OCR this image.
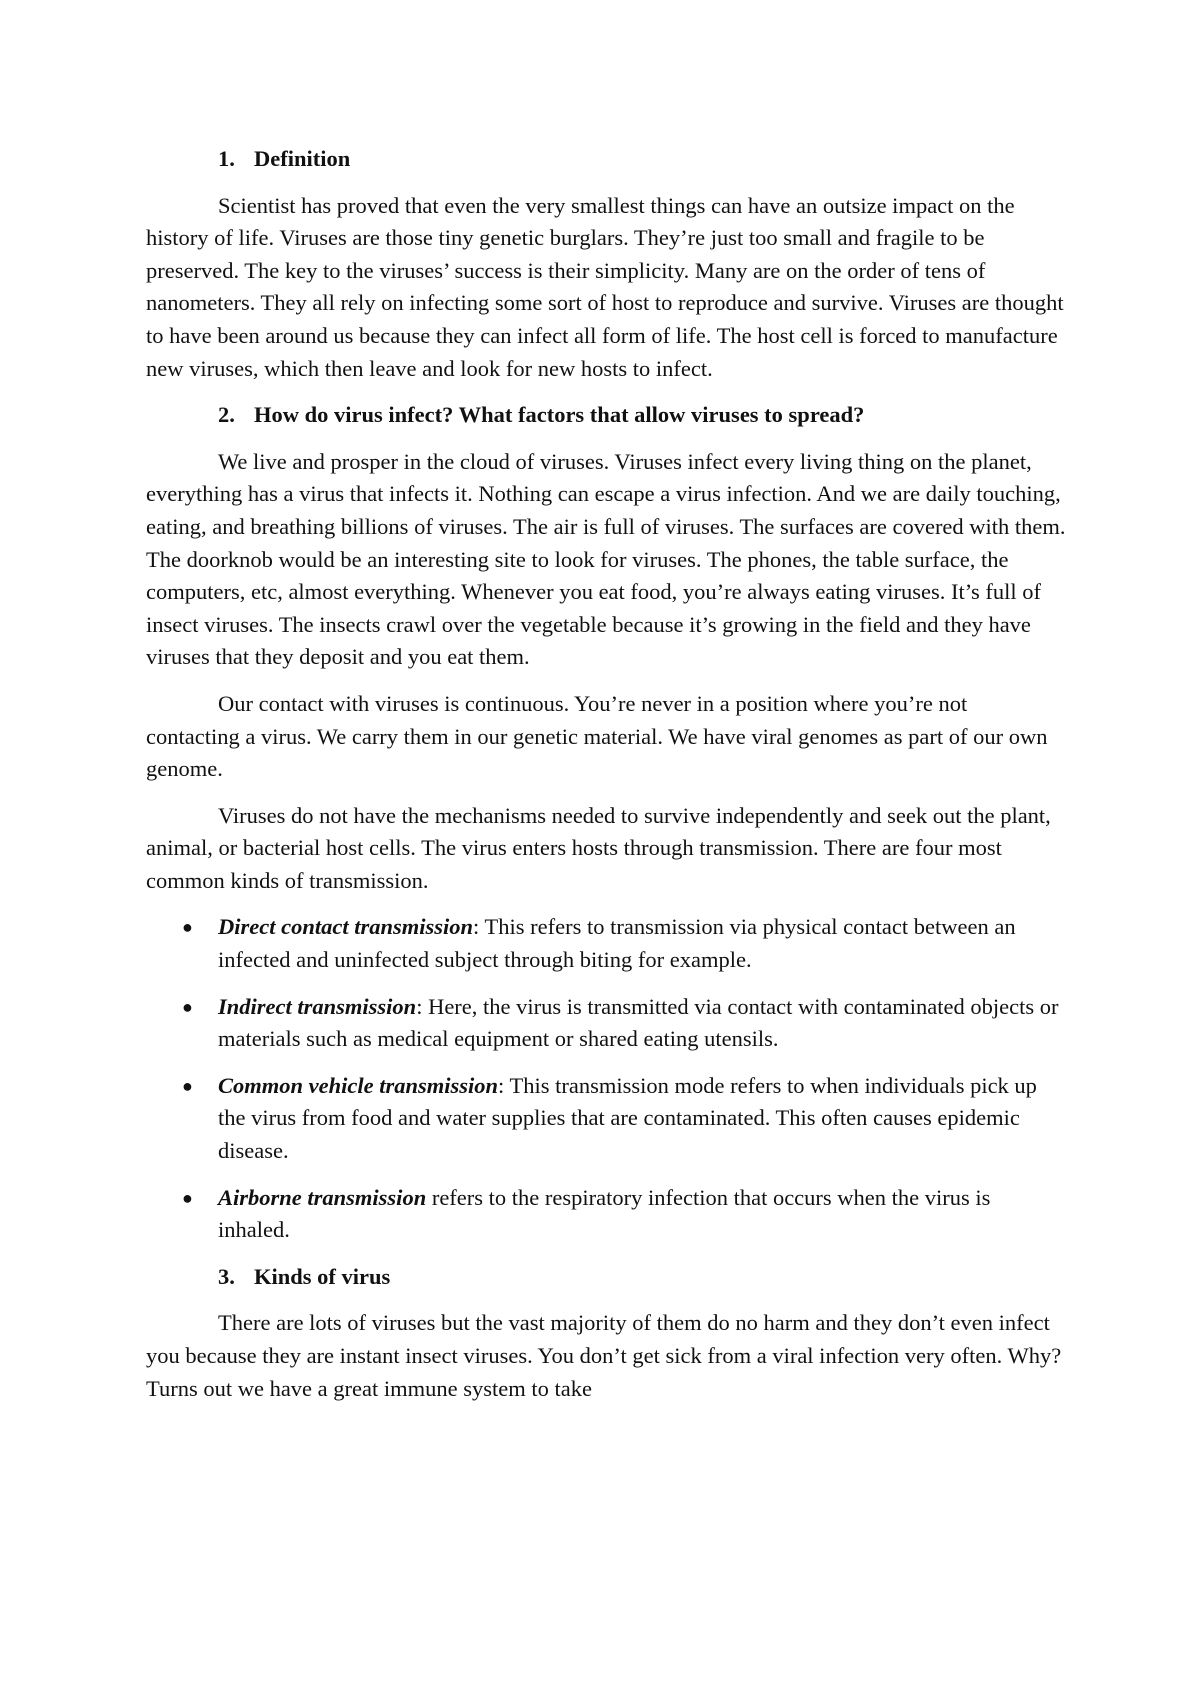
1. Definition

Scientist has proved that even the very smallest things can have an outsize impact on the history of life. Viruses are those tiny genetic burglars. They’re just too small and fragile to be preserved. The key to the viruses’ success is their simplicity. Many are on the order of tens of nanometers. They all rely on infecting some sort of host to reproduce and survive. Viruses are thought to have been around us because they can infect all form of life. The host cell is forced to manufacture new viruses, which then leave and look for new hosts to infect.

2. How do virus infect? What factors that allow viruses to spread?

We live and prosper in the cloud of viruses. Viruses infect every living thing on the planet, everything has a virus that infects it. Nothing can escape a virus infection. And we are daily touching, eating, and breathing billions of viruses. The air is full of viruses. The surfaces are covered with them. The doorknob would be an interesting site to look for viruses. The phones, the table surface, the computers, etc, almost everything. Whenever you eat food, you’re always eating viruses. It’s full of insect viruses. The insects crawl over the vegetable because it’s growing in the field and they have viruses that they deposit and you eat them.

Our contact with viruses is continuous. You’re never in a position where you’re not contacting a virus. We carry them in our genetic material. We have viral genomes as part of our own genome.

Viruses do not have the mechanisms needed to survive independently and seek out the plant, animal, or bacterial host cells. The virus enters hosts through transmission. There are four most common kinds of transmission.

● Direct contact transmission: This refers to transmission via physical contact between an infected and uninfected subject through biting for example.
● Indirect transmission: Here, the virus is transmitted via contact with contaminated objects or materials such as medical equipment or shared eating utensils.
● Common vehicle transmission: This transmission mode refers to when individuals pick up the virus from food and water supplies that are contaminated. This often causes epidemic disease.
● Airborne transmission refers to the respiratory infection that occurs when the virus is inhaled.
3. Kinds of virus

There are lots of viruses but the vast majority of them do no harm and they don’t even infect you because they are instant insect viruses. You don’t get sick from a viral infection very often. Why? Turns out we have a great immune system to take
